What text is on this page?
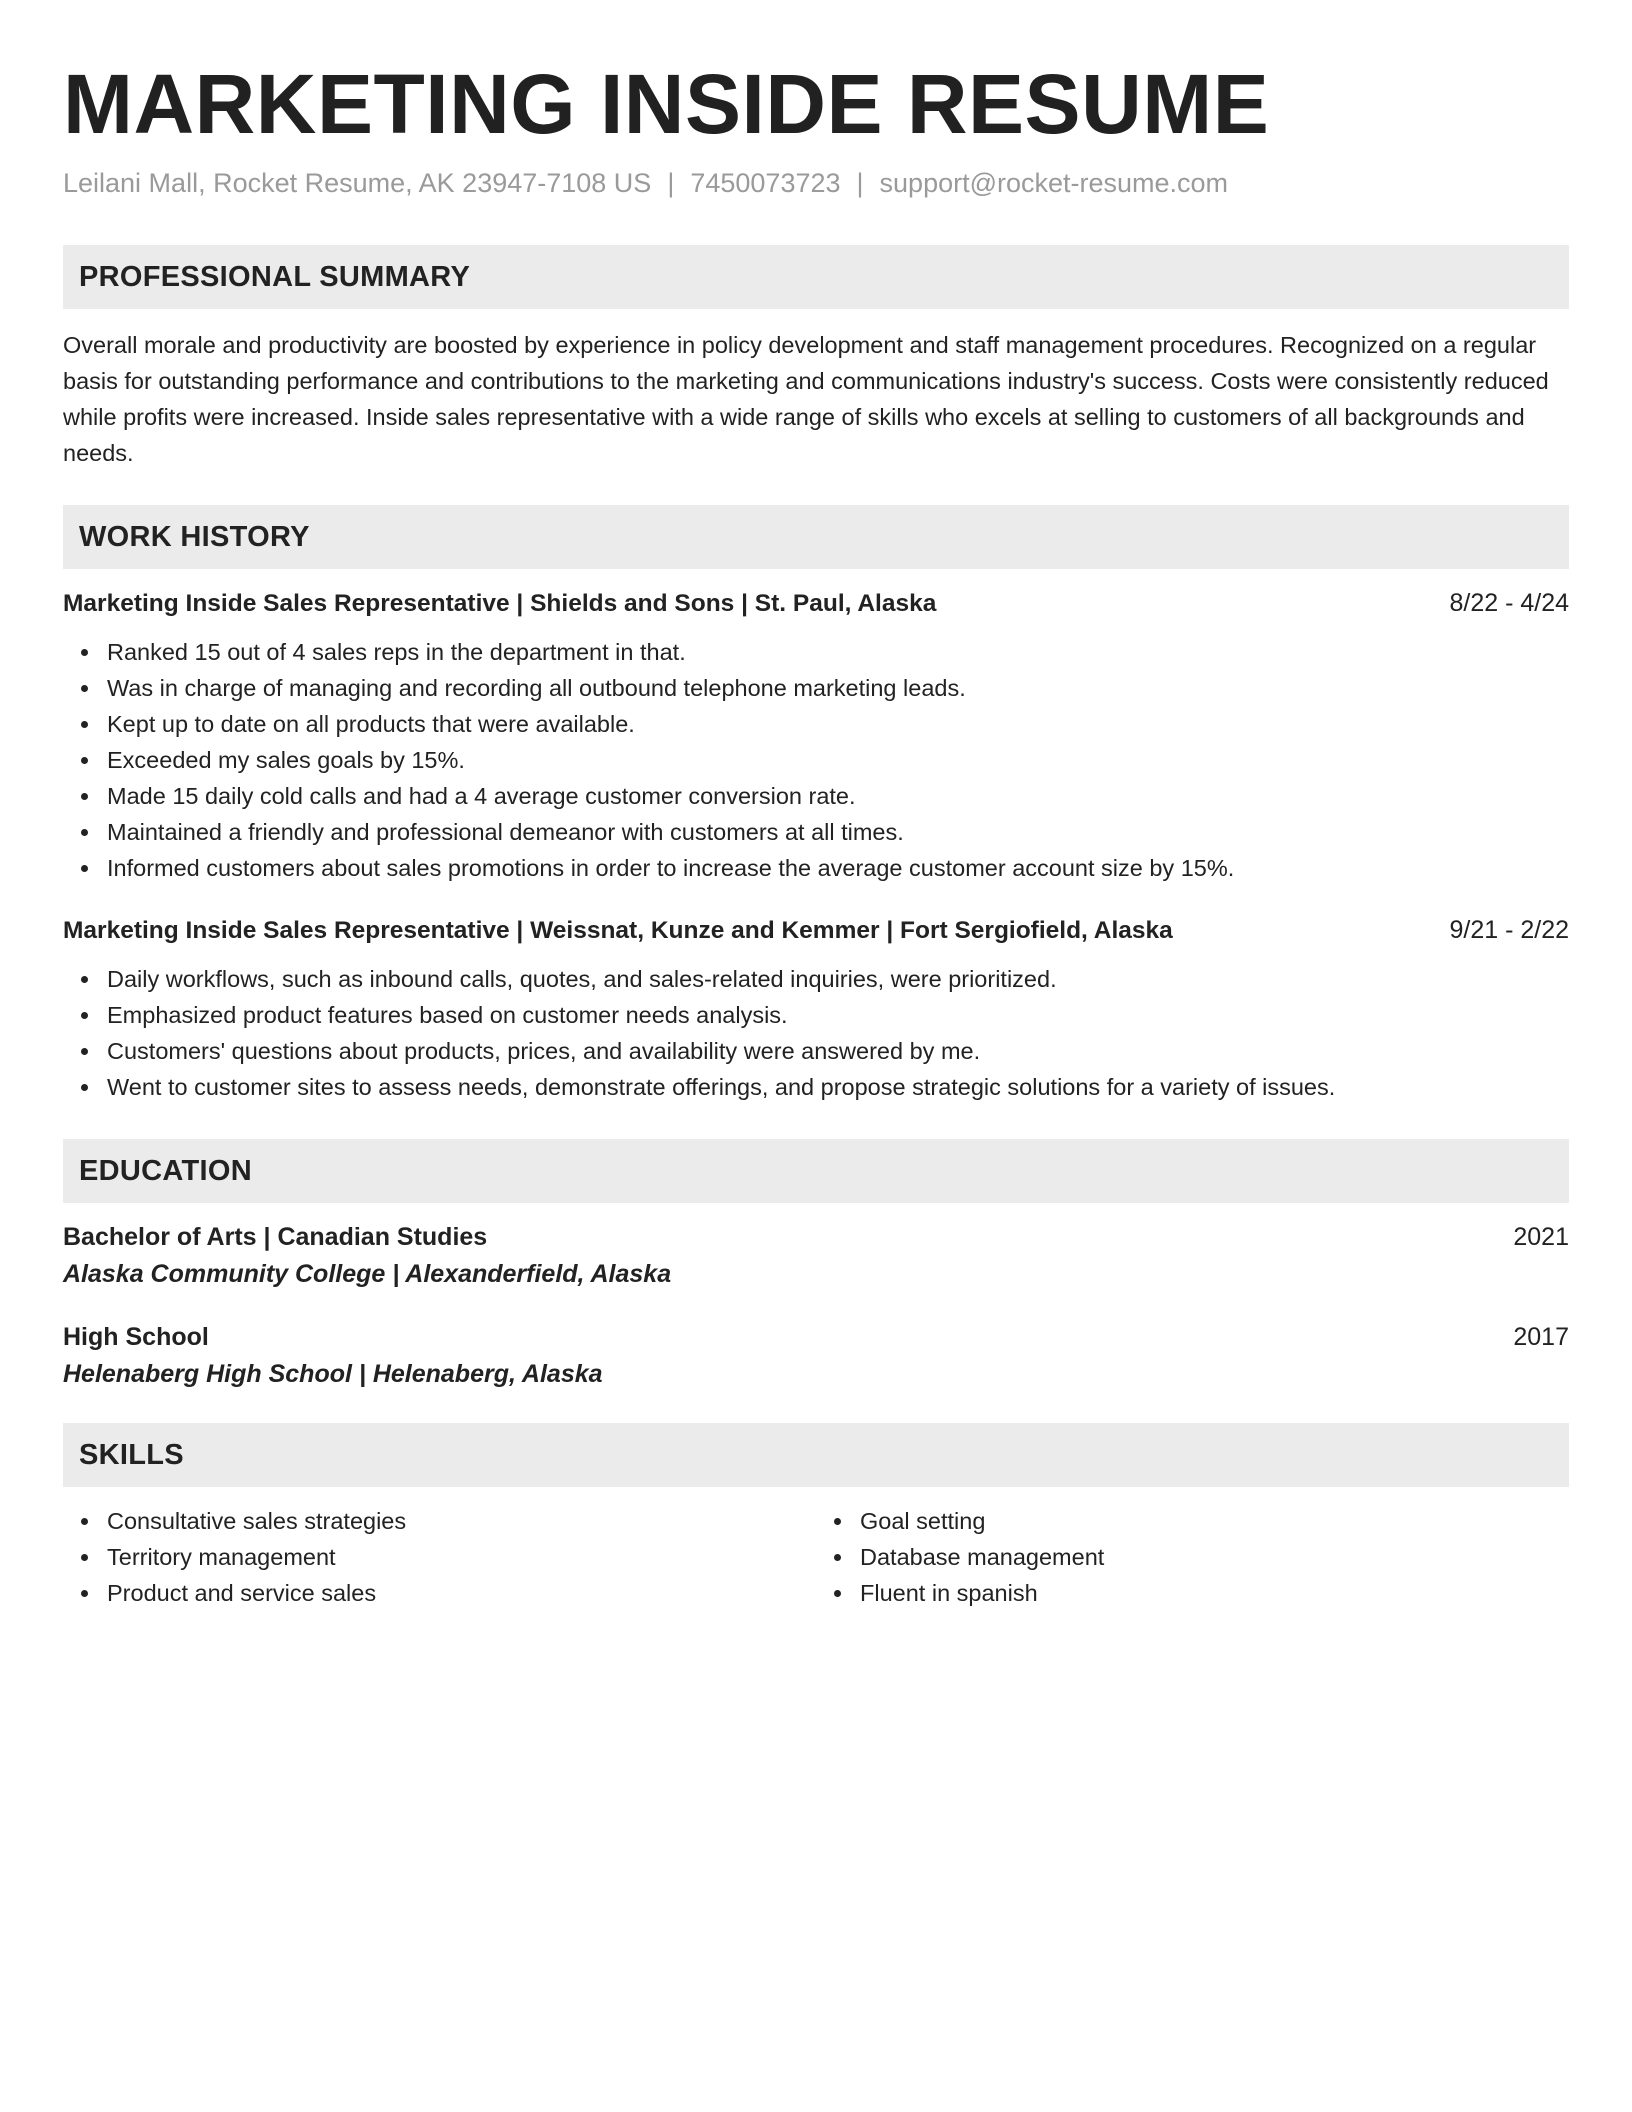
MARKETING INSIDE RESUME
Leilani Mall, Rocket Resume, AK 23947-7108 US | 7450073723 | support@rocket-resume.com
PROFESSIONAL SUMMARY

Overall morale and productivity are boosted by experience in policy development and staff management procedures. Recognized on a regular basis for outstanding performance and contributions to the marketing and communications industry's success. Costs were consistently reduced while profits were increased. Inside sales representative with a wide range of skills who excels at selling to customers of all backgrounds and needs.

WORK HISTORY
Marketing Inside Sales Representative | Shields and Sons | St. Paul, Alaska	8/22 - 4/24
Ranked 15 out of 4 sales reps in the department in that.
Was in charge of managing and recording all outbound telephone marketing leads.
Kept up to date on all products that were available.
Exceeded my sales goals by 15%.
Made 15 daily cold calls and had a 4 average customer conversion rate.
Maintained a friendly and professional demeanor with customers at all times.
Informed customers about sales promotions in order to increase the average customer account size by 15%.
Marketing Inside Sales Representative | Weissnat, Kunze and Kemmer | Fort Sergiofield, Alaska	9/21 - 2/22
Daily workflows, such as inbound calls, quotes, and sales-related inquiries, were prioritized.
Emphasized product features based on customer needs analysis.
Customers' questions about products, prices, and availability were answered by me.
Went to customer sites to assess needs, demonstrate offerings, and propose strategic solutions for a variety of issues.
EDUCATION
Bachelor of Arts | Canadian Studies	2021
Alaska Community College | Alexanderfield, Alaska
High School	2017
Helenaberg High School | Helenaberg, Alaska
SKILLS
Consultative sales strategies
Territory management
Product and service sales
Goal setting
Database management
Fluent in spanish
